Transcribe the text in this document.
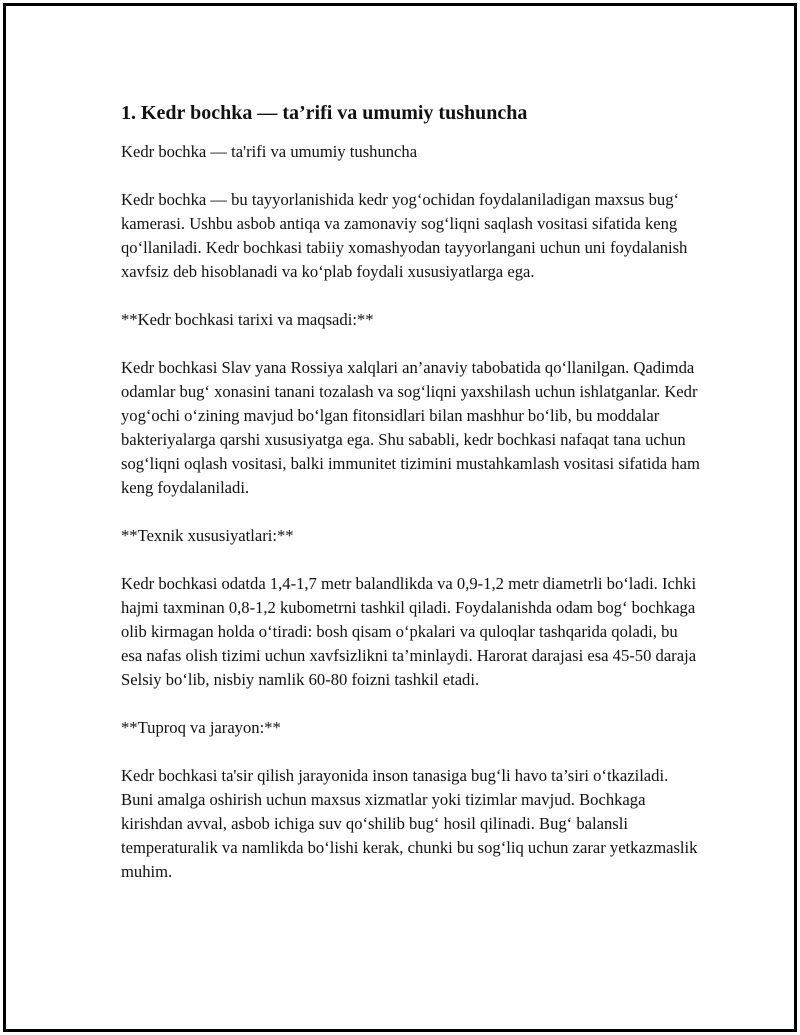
1. Kedr bochka — ta’rifi va umumiy tushuncha

Kedr bochka — ta'rifi va umumiy tushuncha

Kedr bochka — bu tayyorlanishida kedr yog‘ochidan foydalaniladigan maxsus bug‘ kamerasi. Ushbu asbob antiqa va zamonaviy sog‘liqni saqlash vositasi sifatida keng qo‘llaniladi. Kedr bochkasi tabiiy xomashyodan tayyorlangani uchun uni foydalanish xavfsiz deb hisoblanadi va ko‘plab foydali xususiyatlarga ega.

**Kedr bochkasi tarixi va maqsadi:**

Kedr bochkasi Slav yana Rossiya xalqlari an’anaviy tabobatida qo‘llanilgan. Qadimda odamlar bug‘ xonasini tanani tozalash va sog‘liqni yaxshilash uchun ishlatganlar. Kedr yog‘ochi o‘zining mavjud bo‘lgan fitonsidlari bilan mashhur bo‘lib, bu moddalar bakteriyalarga qarshi xususiyatga ega. Shu sababli, kedr bochkasi nafaqat tana uchun sog‘liqni oqlash vositasi, balki immunitet tizimini mustahkamlash vositasi sifatida ham keng foydalaniladi.

**Texnik xususiyatlari:**

Kedr bochkasi odatda 1,4-1,7 metr balandlikda va 0,9-1,2 metr diametrli bo‘ladi. Ichki hajmi taxminan 0,8-1,2 kubometrni tashkil qiladi. Foydalanishda odam bog‘ bochkaga olib kirmagan holda o‘tiradi: bosh qisam o‘pkalari va quloqlar tashqarida qoladi, bu esa nafas olish tizimi uchun xavfsizlikni ta’minlaydi. Harorat darajasi esa 45-50 daraja Selsiy bo‘lib, nisbiy namlik 60-80 foizni tashkil etadi.

**Tuproq va jarayon:**

Kedr bochkasi ta'sir qilish jarayonida inson tanasiga bug‘li havo ta’siri o‘tkaziladi. Buni amalga oshirish uchun maxsus xizmatlar yoki tizimlar mavjud. Bochkaga kirishdan avval, asbob ichiga suv qo‘shilib bug‘ hosil qilinadi. Bug‘ balansli temperaturalik va namlikda bo‘lishi kerak, chunki bu sog‘liq uchun zarar yetkazmaslik muhim.
